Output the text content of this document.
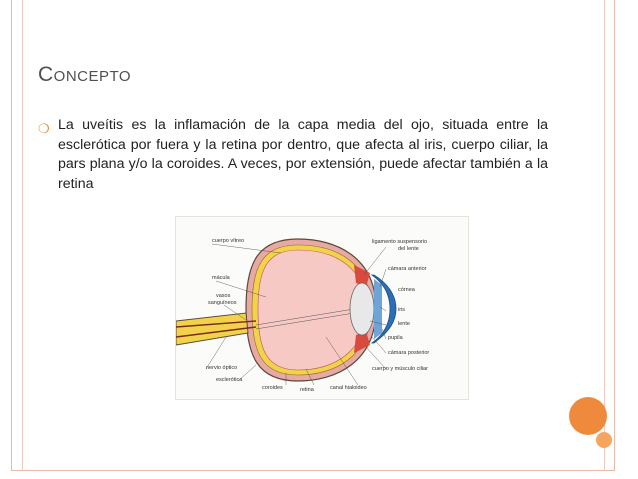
Concepto
❍ La uveítis es la inflamación de la capa media del ojo, situada entre la esclerótica por fuera y la retina por dentro, que afecta al iris, cuerpo ciliar, la pars plana y/o la coroides. A veces, por extensión, puede afectar también a la retina
cuerpo vítreo
mácula
vasos
sanguíneos
nervio óptico
esclerótica
coroides	retina	canal hialoideo
ligamento suspensorio
del lente
cámara anterior
córnea
iris
lente
pupila
cámara posterior
cuerpo y músculo ciliar
